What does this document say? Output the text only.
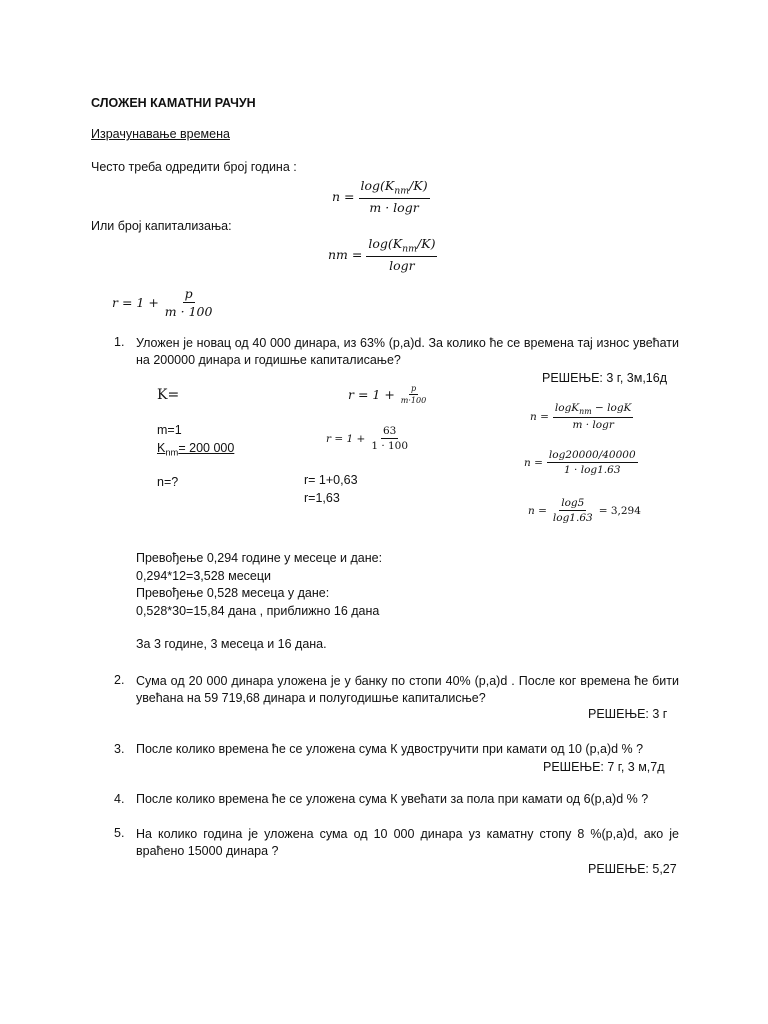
СЛОЖЕН КАМАТНИ РАЧУН
Израчунавање времена
Често треба одредити број година :
$n = \frac{\log(K_{nm}/K)}{m \cdot \log r}$
Или број капитализања:
nm = $\frac{\log(K_{nm}/K)}{\log r}$
$r = 1 + \frac{p}{m \cdot 100}$
1. Уложен је новац од 40 000 динара, из 63% (p,a)d. За колико ће се времена тај износ увећати на 200000 динара и годишње капиталисање?
РЕШЕЊЕ: 3 г, 3м,16д
K=
m=1
$K_{nm}= 200$ 000
n=?
$r = 1 + \frac{p}{m\cdot 100}$
$r = 1 + \frac{63}{1 \cdot 100}$
r= 1+0,63
r=1,63
$n = \frac{\log K_{nm} - \log K}{m \cdot \log r}$
$n = \frac{\log 20000/40000}{1 \cdot \log 1.63}$
$n = \frac{\log 5}{\log 1.63} = 3,294$
Превођење 0,294 године у месеце и дане:
0,294*12=3,528 месеци
Превођење 0,528 месеца у дане:
0,528*30=15,84 дана , приближно 16 дана
За 3 године, 3 месеца и 16 дана.
2. Сума од 20 000 динара уложена је у банку по стопи 40% (p,a)d . После ког времена ће бити увећана на 59 719,68 динара и полугодишње капиталисње?
РЕШЕЊЕ: 3 г
3. После колико времена ће се уложена сума К удвостручити при камати од 10 (p,a)d % ?
РЕШЕЊЕ: 7 г, 3 м,7д
4. После колико времена ће се уложена сума К увећати за пола при камати од 6(p,a)d % ?
5. На колико година је уложена сума од 10 000 динара уз каматну стопу 8 %(p,a)d, ако је враћено 15000 динара ?
РЕШЕЊЕ: 5,27
